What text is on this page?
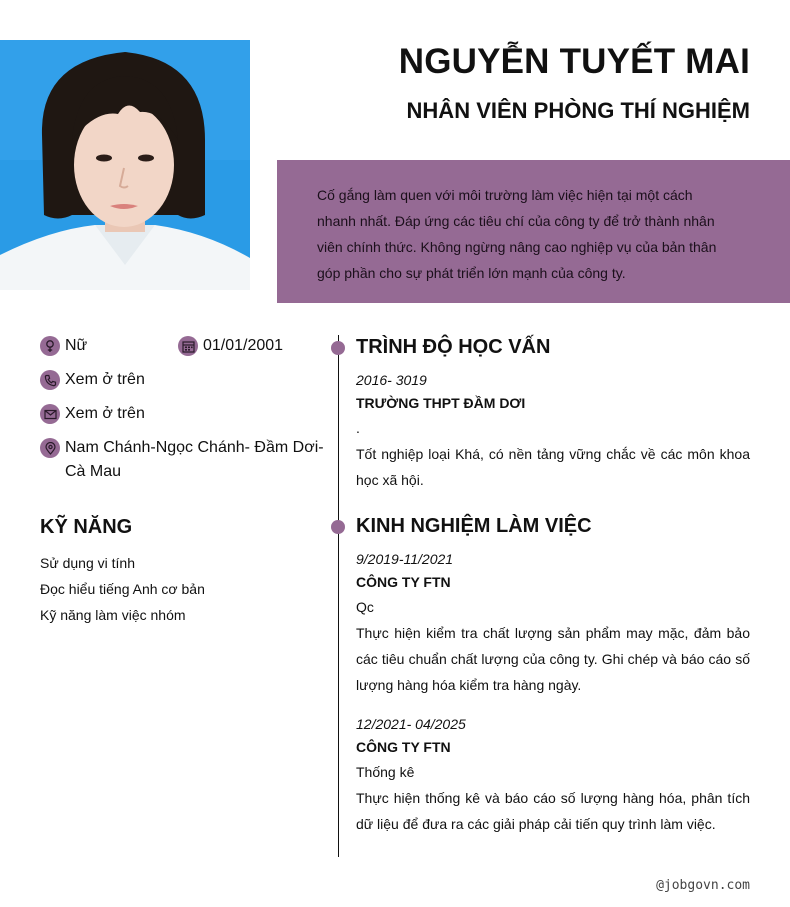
NGUYỄN TUYẾT MAI
NHÂN VIÊN PHÒNG THÍ NGHIỆM
Cố gắng làm quen với môi trường làm việc hiện tại một cách nhanh nhất. Đáp ứng các tiêu chí của công ty để trở thành nhân viên chính thức. Không ngừng nâng cao nghiệp vụ của bản thân góp phần cho sự phát triển lớn mạnh của công ty.
Nữ	01/01/2001
Xem ở trên
Xem ở trên
Nam Chánh-Ngọc Chánh- Đầm Dơi- Cà Mau
KỸ NĂNG
Sử dụng vi tính
Đọc hiểu tiếng Anh cơ bản
Kỹ năng làm việc nhóm
TRÌNH ĐỘ HỌC VẤN
2016- 3019
TRƯỜNG THPT ĐẦM DƠI
.
Tốt nghiệp loại Khá, có nền tảng vững chắc về các môn khoa học xã hội.
KINH NGHIỆM LÀM VIỆC
9/2019-11/2021
CÔNG TY FTN
Qc
Thực hiện kiểm tra chất lượng sản phẩm may mặc, đảm bảo các tiêu chuẩn chất lượng của công ty. Ghi chép và báo cáo số lượng hàng hóa kiểm tra hàng ngày.
12/2021- 04/2025
CÔNG TY FTN
Thống kê
Thực hiện thống kê và báo cáo số lượng hàng hóa, phân tích dữ liệu để đưa ra các giải pháp cải tiến quy trình làm việc.
@jobgovn.com
